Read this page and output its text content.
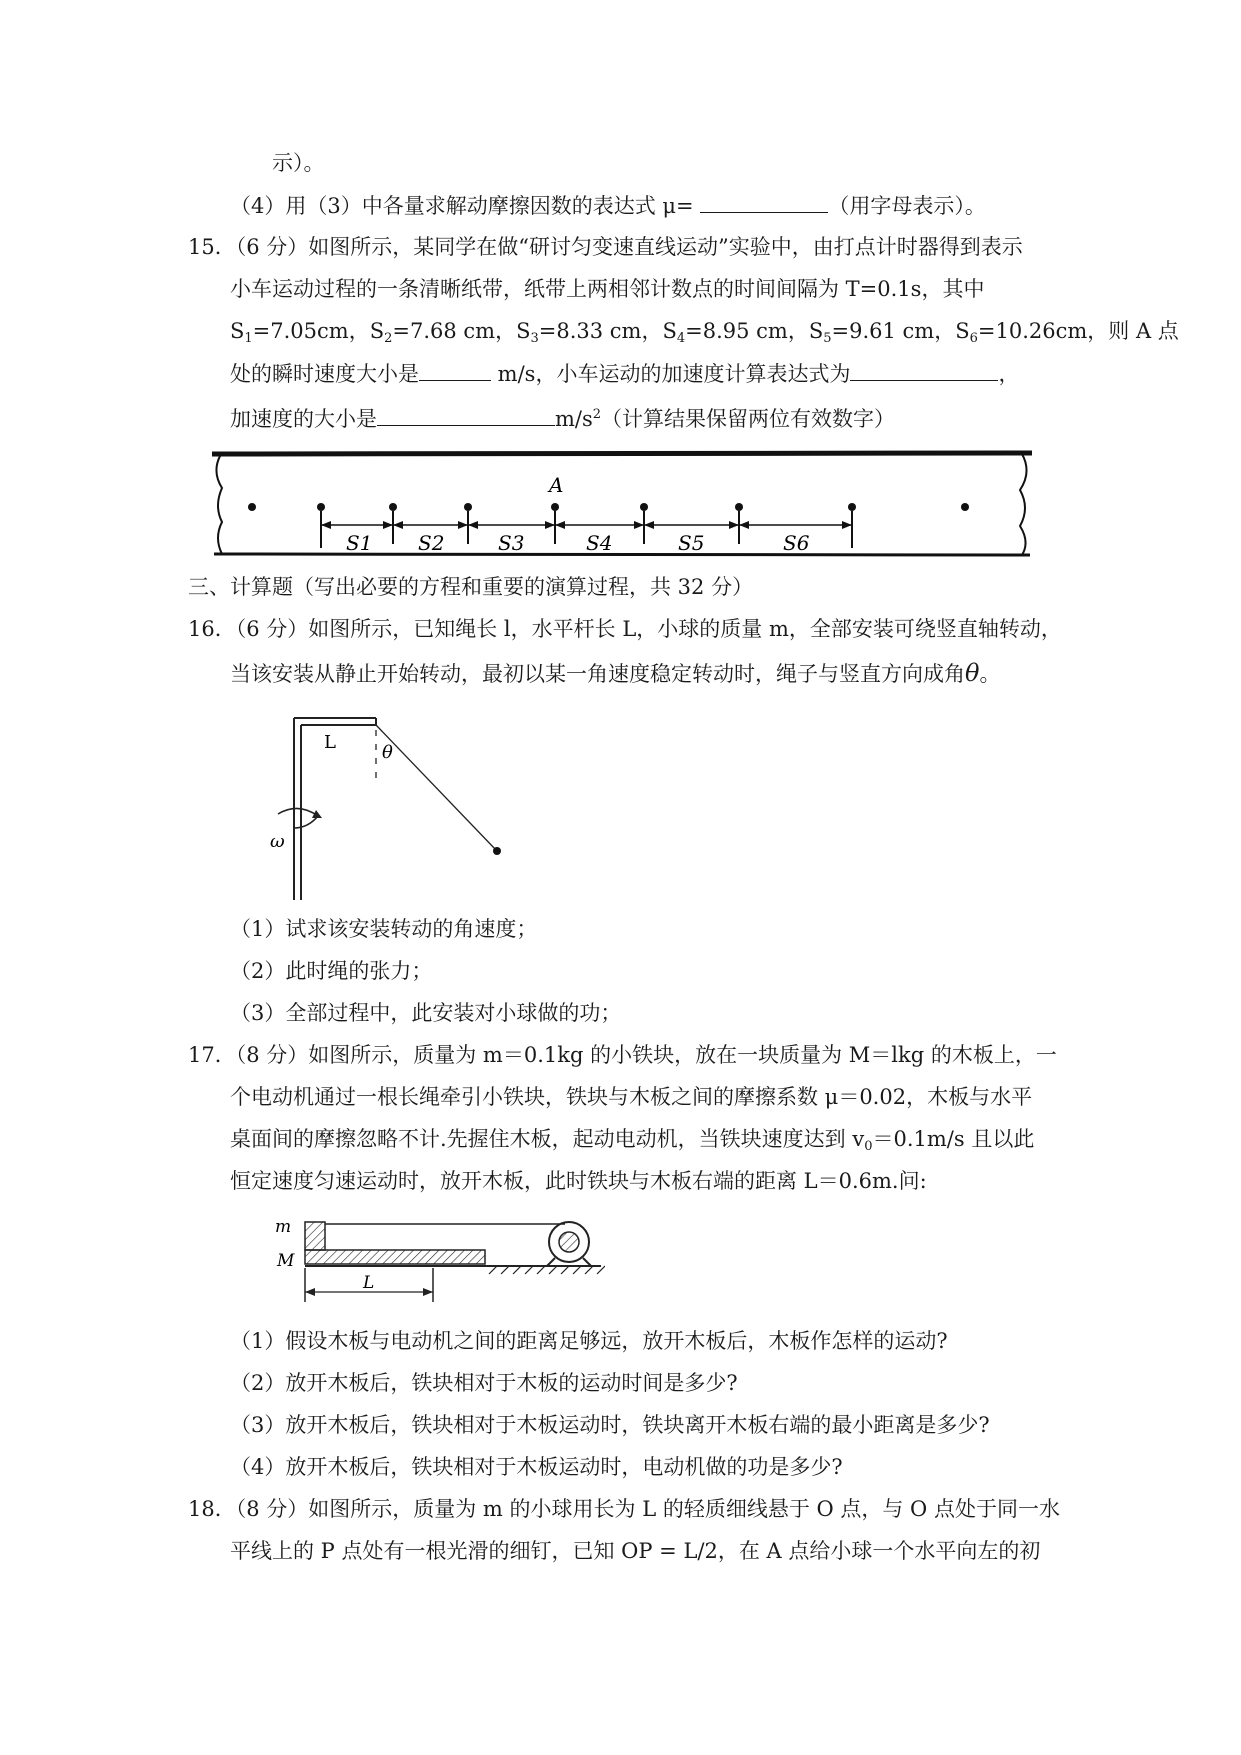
示）。
（4）用（3）中各量求解动摩擦因数的表达式 μ=	（用字母表示）。
15．（6 分）如图所示，某同学在做“研讨匀变速直线运动”实验中，由打点计时器得到表示
小车运动过程的一条清晰纸带，纸带上两相邻计数点的时间间隔为 T=0.1s，其中
$S_1=7.05cm$，$S_2=7.68$ cm，$S_3=8.33$ cm，$S_4=8.95$ cm，$S_5=9.61$ cm，$S_6=10.26cm$，则 A 点
处的瞬时速度大小是	m/s，小车运动的加速度计算表达式为	，
加速度的大小是	$m/s^2$（计算结果保留两位有效数字）
A
S1 S2	S3	S4	S5	S6
三、计算题（写出必要的方程和重要的演算过程，共 32 分）
16．（6 分）如图所示，已知绳长 l，水平杆长 L，小球的质量 m，全部安装可绕竖直轴转动，
当该安装从静止开始转动，最初以某一角速度稳定转动时，绳子与竖直方向成角θ。
L	θ
ω
（1）试求该安装转动的角速度；
（2）此时绳的张力；
（3）全部过程中，此安装对小球做的功；
17．（8 分）如图所示，质量为 m＝0.1kg 的小铁块，放在一块质量为 M＝lkg 的木板上，一
个电动机通过一根长绳牵引小铁块，铁块与木板之间的摩擦系数 μ＝0.02，木板与水平
桌面间的摩擦忽略不计.先握住木板，起动电动机，当铁块速度达到 $v_0=0.1m/s$ 且以此
恒定速度匀速运动时，放开木板，此时铁块与木板右端的距离 L＝0.6m.问:
m
M
L
（1）假设木板与电动机之间的距离足够远，放开木板后，木板作怎样的运动?
（2）放开木板后，铁块相对于木板的运动时间是多少?
（3）放开木板后，铁块相对于木板运动时，铁块离开木板右端的最小距离是多少?
（4）放开木板后，铁块相对于木板运动时，电动机做的功是多少?
18．（8 分）如图所示，质量为 m 的小球用长为 L 的轻质细线悬于 O 点，与 O 点处于同一水
平线上的 P 点处有一根光滑的细钉，已知 OP = L/2，在 A 点给小球一个水平向左的初
